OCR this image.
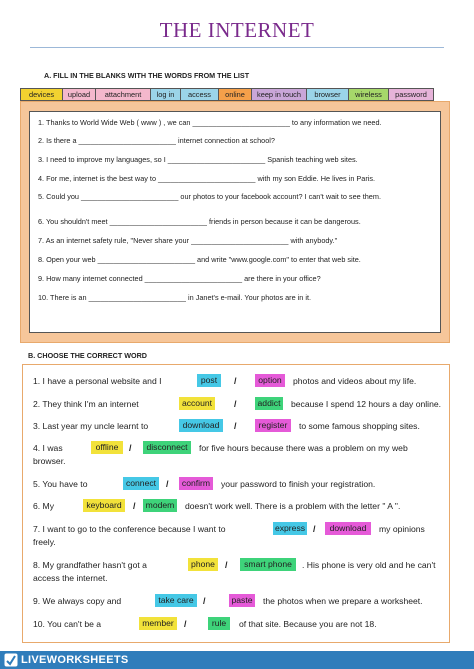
THE INTERNET
A. FILL IN THE BLANKS WITH THE WORDS FROM THE LIST
devices	upload	attachment	log in	access	online	keep in touch	browser	wireless	password
1. Thanks to World Wide Web ( www ) , we can ________________________ to any information we need.
2. Is there a ________________________ internet connection at school?
3. I need to improve my languages, so I ________________________ Spanish teaching web sites.
4. For me, internet is the best way to ________________________ with my son Eddie. He lives in Paris.
5. Could you ________________________ our photos to your facebook account? I can't wait to see them.
6. You shouldn't meet ________________________ friends in person because it can be dangerous.
7. As an internet safety rule, "Never share your ________________________ with anybody."
8. Open your web ________________________ and write "www.google.com" to enter that web site.
9. How many internet connected ________________________ are there in your office?
10. There is an ________________________ in Janet's e-mail. Your photos are in it.
B. CHOOSE THE CORRECT WORD
1. I have a personal website and I	post	/	option	photos and videos about my life.
2. They think I'm an internet	account	/ addict because I spend 12 hours a day online.
3. Last year my uncle learnt to	download	/	register	to some famous shopping sites.
4. I was	offline	/	disconnect	for five hours because there was a problem on my web
browser.
5. You have to	connect	/	confirm	your password to finish your registration.
6. My	keyboard	/	modem	doesn't work well. There is a problem with the letter " A ".
7. I want to go to the conference because I want to	express /	download	my opinions
freely.
8. My grandfather hasn't got a	phone	/	smart phone	. His phone is very old and he can't
access the internet.
9. We always copy and	take care	/	paste the photos when we prepare a worksheet.
10. You can't be a	member	/	rule	of that site. Because you are not 18.
LIVEWORKSHEETS
